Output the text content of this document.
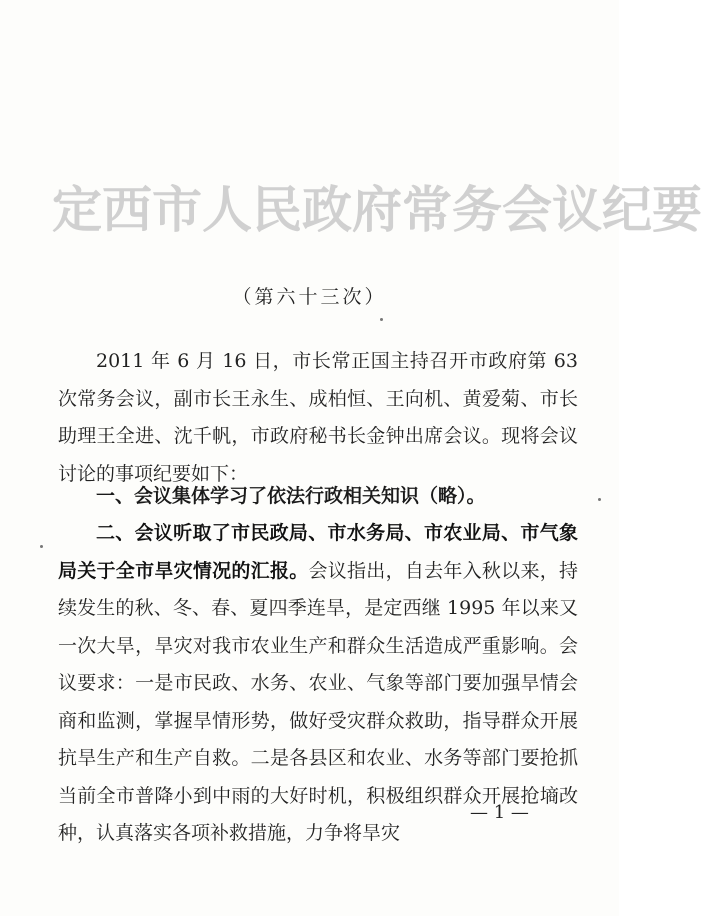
定西市人民政府常务会议纪要
（第六十三次）
2011 年 6 月 16 日，市长常正国主持召开市政府第 63 次常务会议，副市长王永生、成柏恒、王向机、黄爱菊、市长助理王全进、沈千帆，市政府秘书长金钟出席会议。现将会议讨论的事项纪要如下：
一、会议集体学习了依法行政相关知识（略）。
二、会议听取了市民政局、市水务局、市农业局、市气象局关于全市旱灾情况的汇报。会议指出，自去年入秋以来，持续发生的秋、冬、春、夏四季连旱，是定西继 1995 年以来又一次大旱，旱灾对我市农业生产和群众生活造成严重影响。会议要求：一是市民政、水务、农业、气象等部门要加强旱情会商和监测，掌握旱情形势，做好受灾群众救助，指导群众开展抗旱生产和生产自救。二是各县区和农业、水务等部门要抢抓当前全市普降小到中雨的大好时机，积极组织群众开展抢墒改种，认真落实各项补救措施，力争将旱灾
— 1 —
